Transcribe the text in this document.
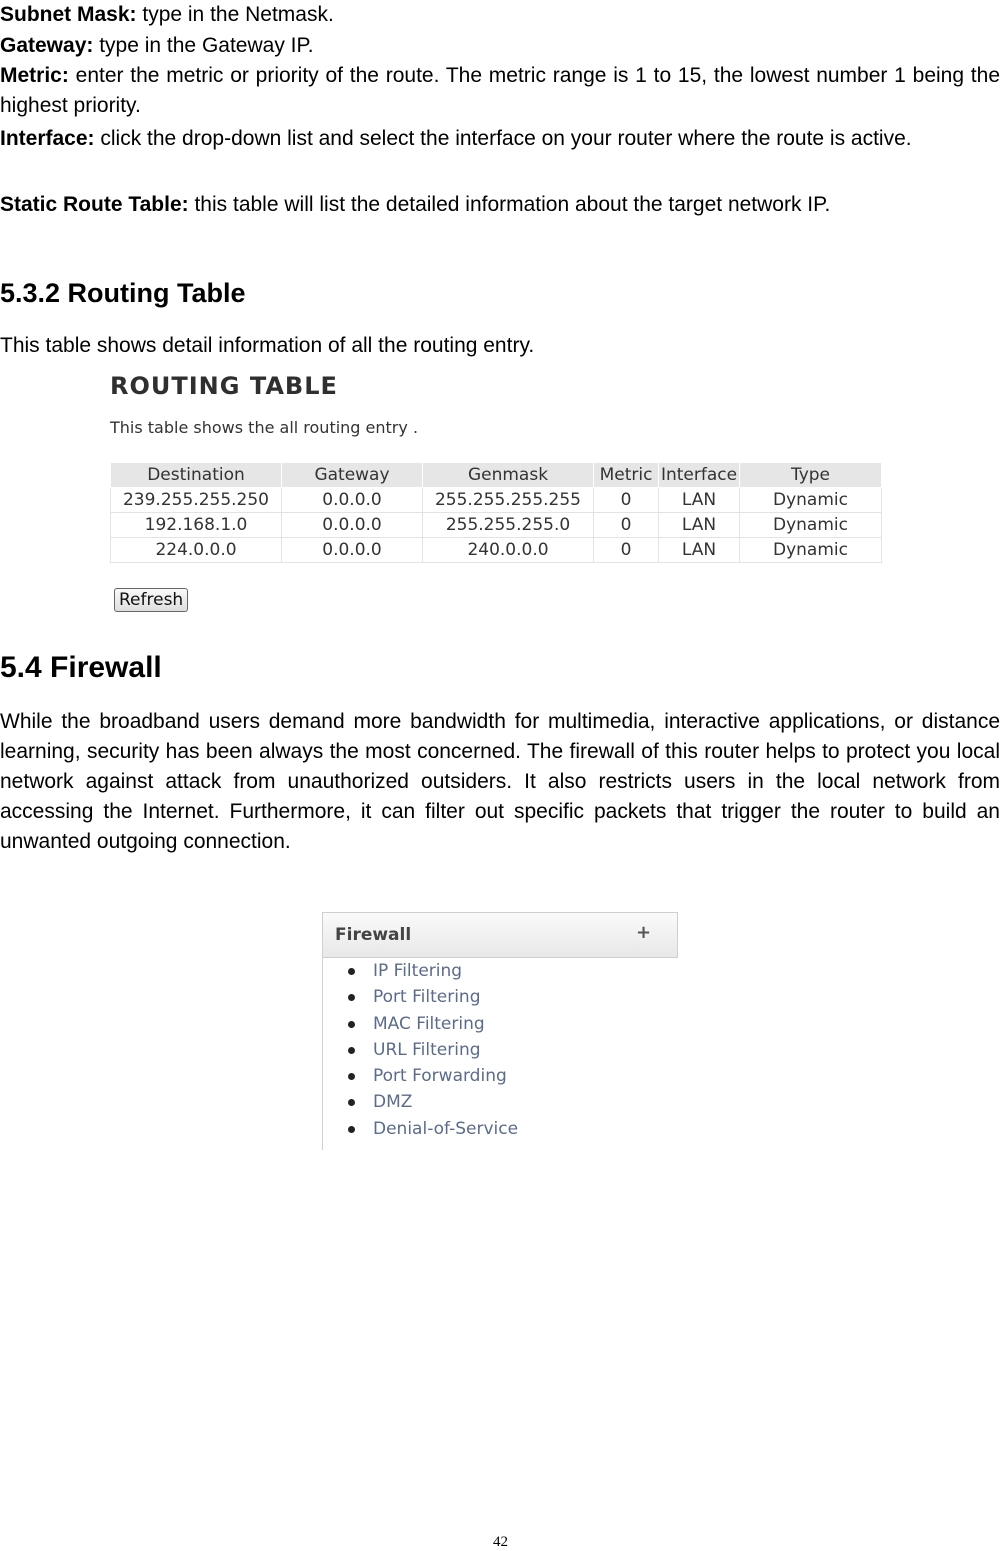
Subnet Mask: type in the Netmask.

Gateway: type in the Gateway IP.

Metric: enter the metric or priority of the route. The metric range is 1 to 15, the lowest number 1 being the highest priority.

Interface: click the drop-down list and select the interface on your router where the route is active.

Static Route Table: this table will list the detailed information about the target network IP.

5.3.2 Routing Table

This table shows detail information of all the routing entry.

ROUTING TABLE
This table shows the all routing entry .
Destination	Gateway	Genmask	Metric	Interface	Type
239.255.255.250	0.0.0.0	255.255.255.255	0	LAN	Dynamic
192.168.1.0	0.0.0.0	255.255.255.0	0	LAN	Dynamic
224.0.0.0	0.0.0.0	240.0.0.0	0	LAN	Dynamic
Refresh
5.4 Firewall

While the broadband users demand more bandwidth for multimedia, interactive applications, or distance learning, security has been always the most concerned. The firewall of this router helps to protect you local network against attack from unauthorized outsiders. It also restricts users in the local network from accessing the Internet. Furthermore, it can filter out specific packets that trigger the router to build an unwanted outgoing connection.

Firewall	+
IP Filtering
Port Filtering
MAC Filtering
URL Filtering
Port Forwarding
DMZ
Denial-of-Service
42
